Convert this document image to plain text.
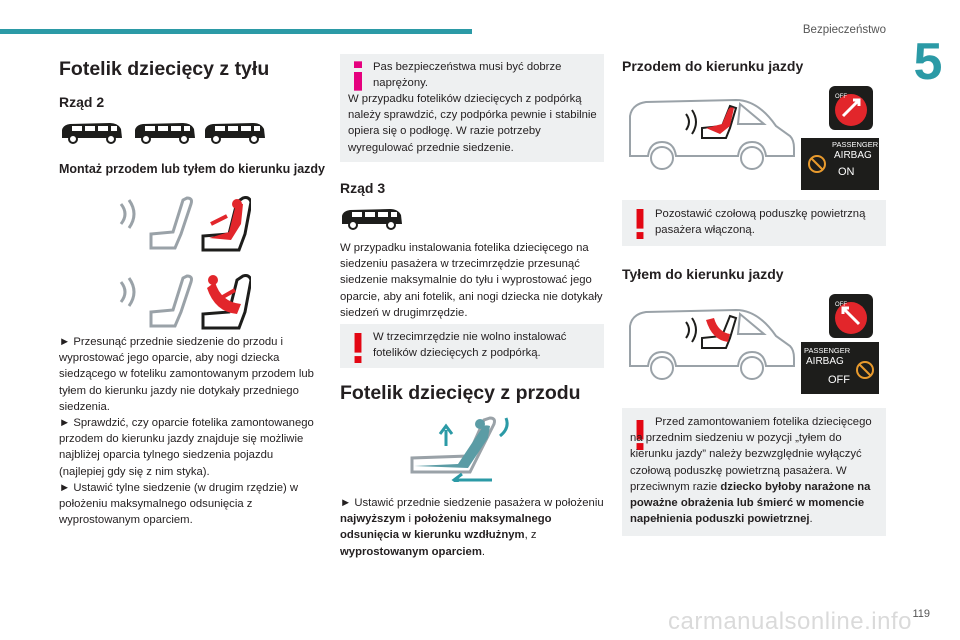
Bezpieczeństwo
5
Fotelik dziecięcy z tyłu
Rząd 2
Montaż przodem lub tyłem do kierunku jazdy

► Przesunąć przednie siedzenie do przodu i wyprostować jego oparcie, aby nogi dziecka siedzącego w foteliku zamontowanym przodem lub tyłem do kierunku jazdy nie dotykały przedniego siedzenia.

► Sprawdzić, czy oparcie fotelika zamontowanego przodem do kierunku jazdy znajduje się możliwie najbliżej oparcia tylnego siedzenia pojazdu (najlepiej gdy się z nim styka).

► Ustawić tylne siedzenie (w drugim rzędzie) w położeniu maksymalnego odsunięcia z wyprostowanym oparciem.

Pas bezpieczeństwa musi być dobrze naprężony.
W przypadku fotelików dziecięcych z podpórką należy sprawdzić, czy podpórka pewnie i stabilnie opiera się o podłogę. W razie potrzeby wyregulować przednie siedzenie.
Rząd 3
W przypadku instalowania fotelika dziecięcego na siedzeniu pasażera w trzecimrzędzie przesunąć siedzenie maksymalnie do tyłu i wyprostować jego oparcie, aby ani fotelik, ani nogi dziecka nie dotykały siedzeń w drugimrzędzie.
W trzecimrzędzie nie wolno instalować fotelików dziecięcych z podpórką.
Fotelik dziecięcy z przodu
► Ustawić przednie siedzenie pasażera w położeniu najwyższym i położeniu maksymalnego odsunięcia w kierunku wzdłużnym, z wyprostowanym oparciem.
Przodem do kierunku jazdy
OFF
PASSENGER
AIRBAG
ON
Pozostawić czołową poduszkę powietrzną pasażera włączoną.
Tyłem do kierunku jazdy
OFF
PASSENGER
AIRBAG
OFF
Przed zamontowaniem fotelika dziecięcego na przednim siedzeniu w pozycji „tyłem do kierunku jazdy” należy bezwzględnie wyłączyć czołową poduszkę powietrzną pasażera. W przeciwnym razie dziecko byłoby narażone na poważne obrażenia lub śmierć w momencie napełnienia poduszki powietrznej.
carmanualsonline.info 119
